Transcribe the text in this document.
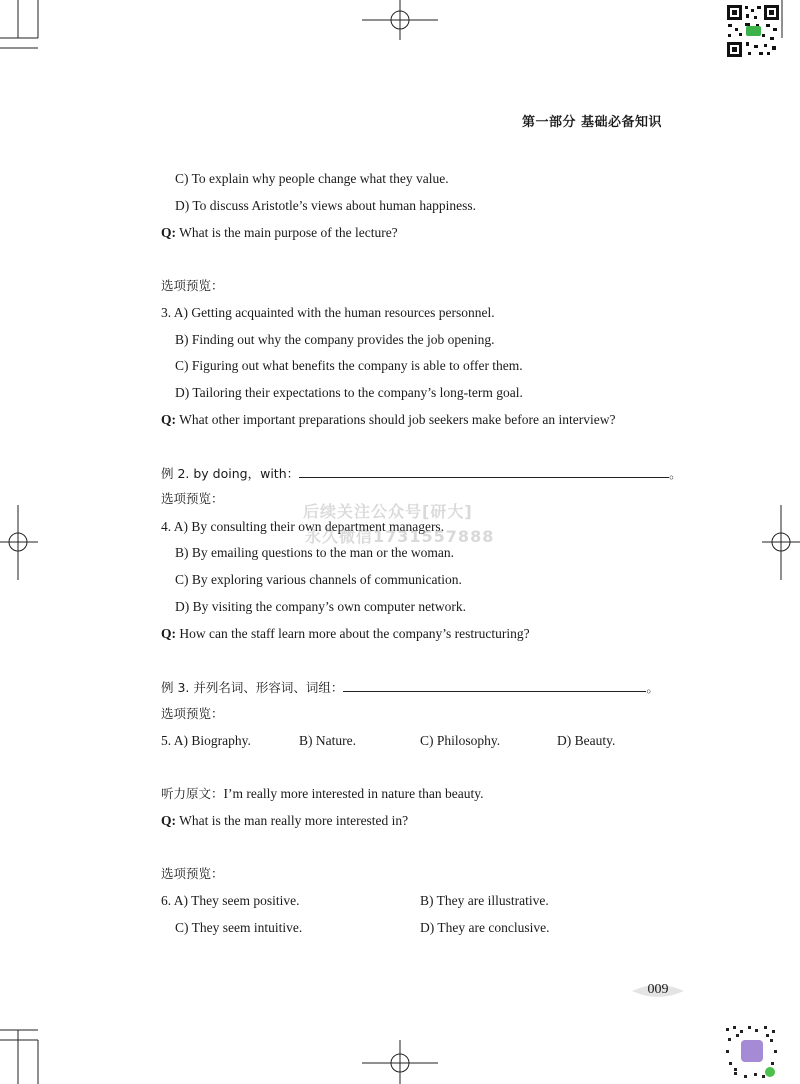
第一部分 基础必备知识
C) To explain why people change what they value.
D) To discuss Aristotle’s views about human happiness.
Q: What is the main purpose of the lecture?
选项预览：
3. A) Getting acquainted with the human resources personnel.
B) Finding out why the company provides the job opening.
C) Figuring out what benefits the company is able to offer them.
D) Tailoring their expectations to the company’s long-term goal.
Q: What other important preparations should job seekers make before an interview?
例 2. by doing，with：	。
选项预览：
4. A) By consulting their own department managers.
B) By emailing questions to the man or the woman.
C) By exploring various channels of communication.
D) By visiting the company’s own computer network.
Q: How can the staff learn more about the company’s restructuring?
例 3. 并列名词、形容词、词组：	。
选项预览：
5. A) Biography.	B) Nature.	C) Philosophy.	D) Beauty.
听力原文：I’m really more interested in nature than beauty.
Q: What is the man really more interested in?
选项预览：
6. A) They seem positive.	B) They are illustrative.
C) They seem intuitive.	D) They are conclusive.
后续关注公众号[研大]
永久微信1731557888
009
